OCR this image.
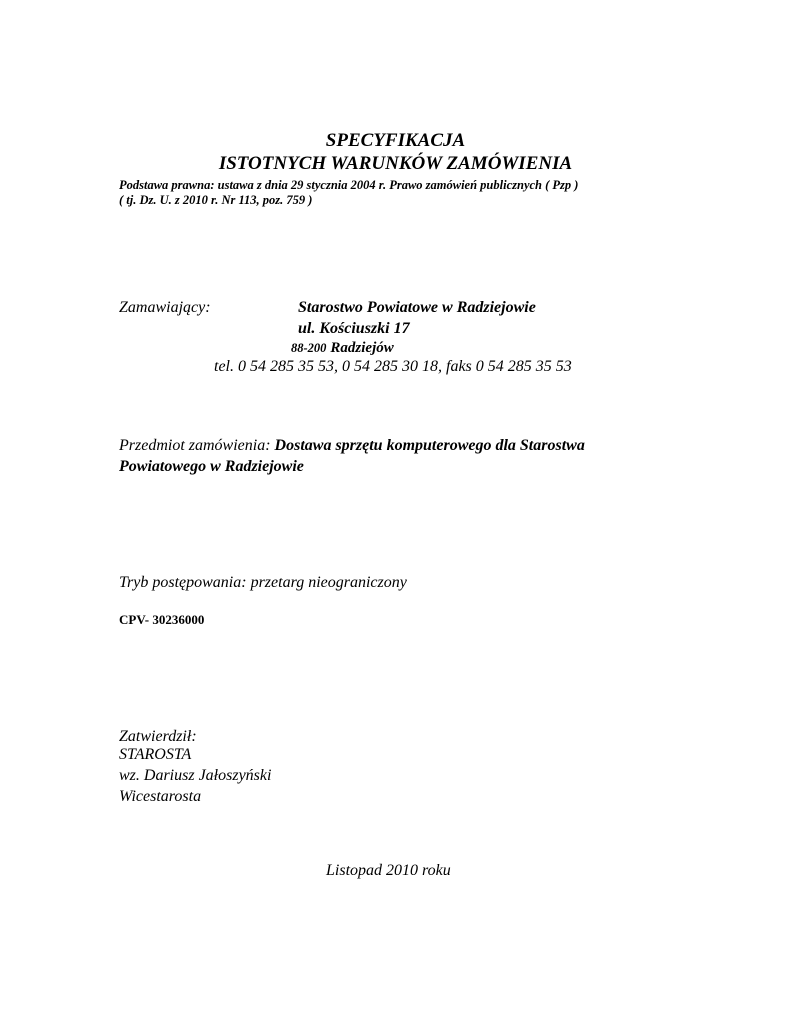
SPECYFIKACJA
ISTOTNYCH WARUNKÓW ZAMÓWIENIA
Podstawa prawna: ustawa z dnia 29 stycznia 2004 r. Prawo zamówień publicznych ( Pzp )
( tj. Dz. U. z 2010 r. Nr 113, poz. 759 )
Zamawiający:	Starostwo Powiatowe w Radziejowie
ul. Kościuszki 17
88-200 Radziejów
tel. 0 54 285 35 53, 0 54 285 30 18, faks 0 54 285 35 53
Przedmiot zamówienia: Dostawa sprzętu komputerowego dla Starostwa
Powiatowego w Radziejowie
Tryb postępowania: przetarg nieograniczony
CPV- 30236000
Zatwierdził:
STAROSTA
wz. Dariusz Jałoszyński
Wicestarosta
Listopad 2010 roku
